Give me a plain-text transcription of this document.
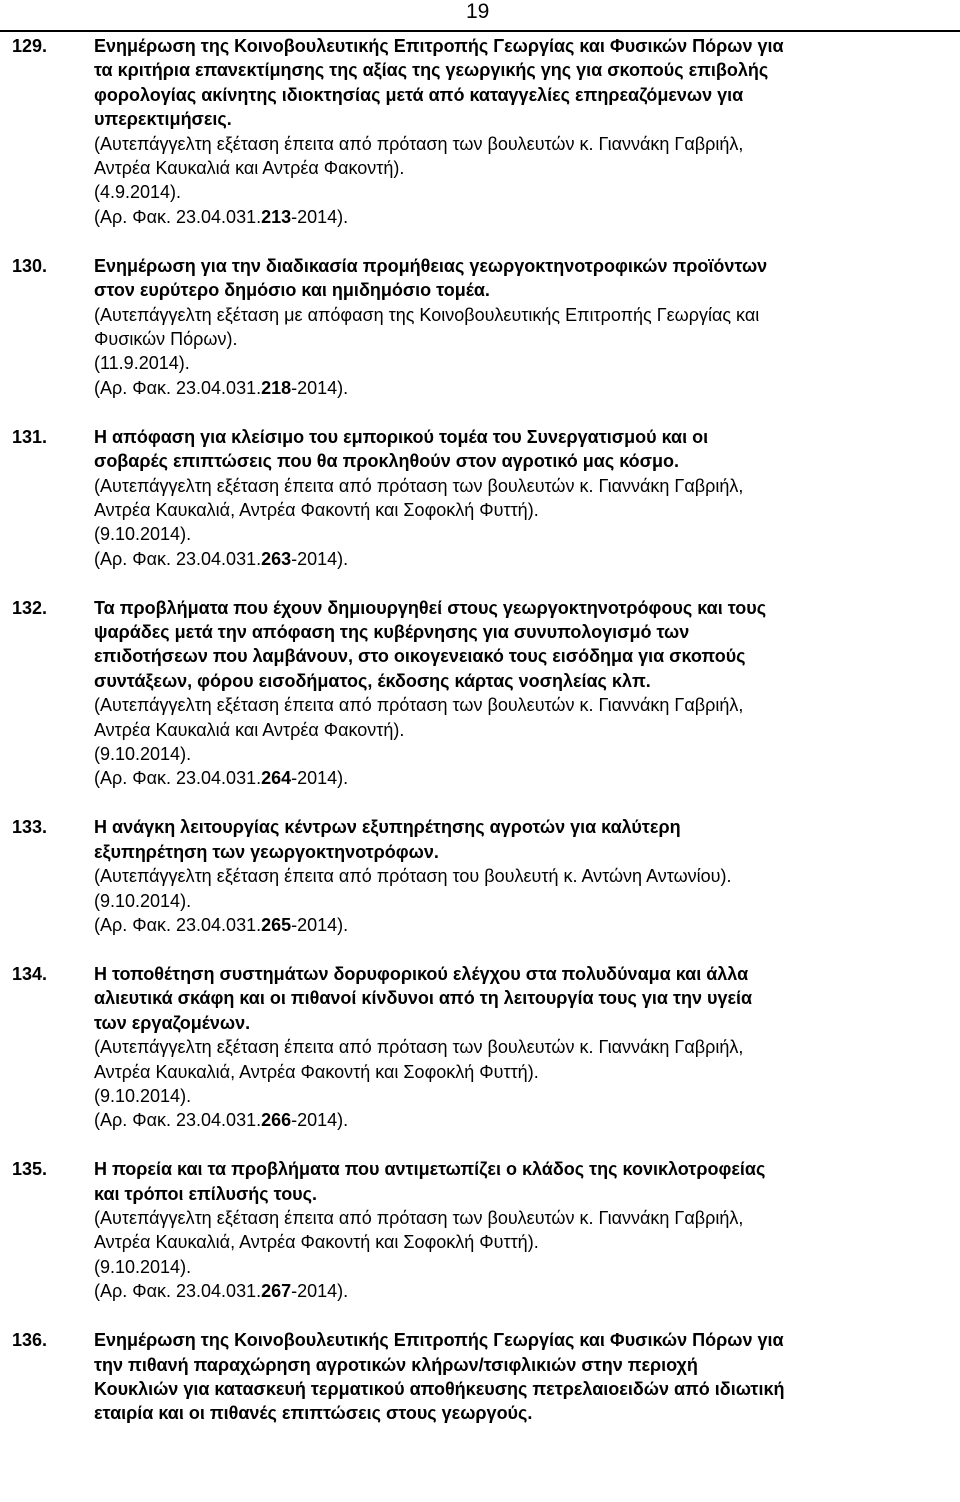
19
129.	Ενημέρωση της Κοινοβουλευτικής Επιτροπής Γεωργίας και Φυσικών Πόρων για
τα κριτήρια επανεκτίμησης της αξίας της γεωργικής γης για σκοπούς επιβολής
φορολογίας ακίνητης ιδιοκτησίας μετά από καταγγελίες επηρεαζόμενων για
υπερεκτιμήσεις.
(Αυτεπάγγελτη εξέταση έπειτα από πρόταση των βουλευτών κ. Γιαννάκη Γαβριήλ,
Αντρέα Καυκαλιά και Αντρέα Φακοντή).
(4.9.2014).
(Αρ. Φακ. 23.04.031.213-2014).
130.	Ενημέρωση για την διαδικασία προμήθειας γεωργοκτηνοτροφικών προϊόντων
στον ευρύτερο δημόσιο και ημιδημόσιο τομέα.
(Αυτεπάγγελτη εξέταση με απόφαση της Κοινοβουλευτικής Επιτροπής Γεωργίας και
Φυσικών Πόρων).
(11.9.2014).
(Αρ. Φακ. 23.04.031.218-2014).
131.	Η απόφαση για κλείσιμο του εμπορικού τομέα του Συνεργατισμού και οι
σοβαρές επιπτώσεις που θα προκληθούν στον αγροτικό μας κόσμο.
(Αυτεπάγγελτη εξέταση έπειτα από πρόταση των βουλευτών κ. Γιαννάκη Γαβριήλ,
Αντρέα Καυκαλιά, Αντρέα Φακοντή και Σοφοκλή Φυττή).
(9.10.2014).
(Αρ. Φακ. 23.04.031.263-2014).
132.	Τα προβλήματα που έχουν δημιουργηθεί στους γεωργοκτηνοτρόφους και τους
ψαράδες μετά την απόφαση της κυβέρνησης για συνυπολογισμό των
επιδοτήσεων που λαμβάνουν, στο οικογενειακό τους εισόδημα για σκοπούς
συντάξεων, φόρου εισοδήματος, έκδοσης κάρτας νοσηλείας κλπ.
(Αυτεπάγγελτη εξέταση έπειτα από πρόταση των βουλευτών κ. Γιαννάκη Γαβριήλ,
Αντρέα Καυκαλιά και Αντρέα Φακοντή).
(9.10.2014).
(Αρ. Φακ. 23.04.031.264-2014).
133.	Η ανάγκη λειτουργίας κέντρων εξυπηρέτησης αγροτών για καλύτερη
εξυπηρέτηση των γεωργοκτηνοτρόφων.
(Αυτεπάγγελτη εξέταση έπειτα από πρόταση του βουλευτή κ. Αντώνη Αντωνίου).
(9.10.2014).
(Αρ. Φακ. 23.04.031.265-2014).
134.	Η τοποθέτηση συστημάτων δορυφορικού ελέγχου στα πολυδύναμα και άλλα
αλιευτικά σκάφη και οι πιθανοί κίνδυνοι από τη λειτουργία τους για την υγεία
των εργαζομένων.
(Αυτεπάγγελτη εξέταση έπειτα από πρόταση των βουλευτών κ. Γιαννάκη Γαβριήλ,
Αντρέα Καυκαλιά, Αντρέα Φακοντή και Σοφοκλή Φυττή).
(9.10.2014).
(Αρ. Φακ. 23.04.031.266-2014).
135.	Η πορεία και τα προβλήματα που αντιμετωπίζει ο κλάδος της κονικλοτροφείας
και τρόποι επίλυσής τους.
(Αυτεπάγγελτη εξέταση έπειτα από πρόταση των βουλευτών κ. Γιαννάκη Γαβριήλ,
Αντρέα Καυκαλιά, Αντρέα Φακοντή και Σοφοκλή Φυττή).
(9.10.2014).
(Αρ. Φακ. 23.04.031.267-2014).
136.	Ενημέρωση της Κοινοβουλευτικής Επιτροπής Γεωργίας και Φυσικών Πόρων για
την πιθανή παραχώρηση αγροτικών κλήρων/τσιφλικιών στην περιοχή
Κουκλιών για κατασκευή τερματικού αποθήκευσης πετρελαιοειδών από ιδιωτική
εταιρία και οι πιθανές επιπτώσεις στους γεωργούς.
